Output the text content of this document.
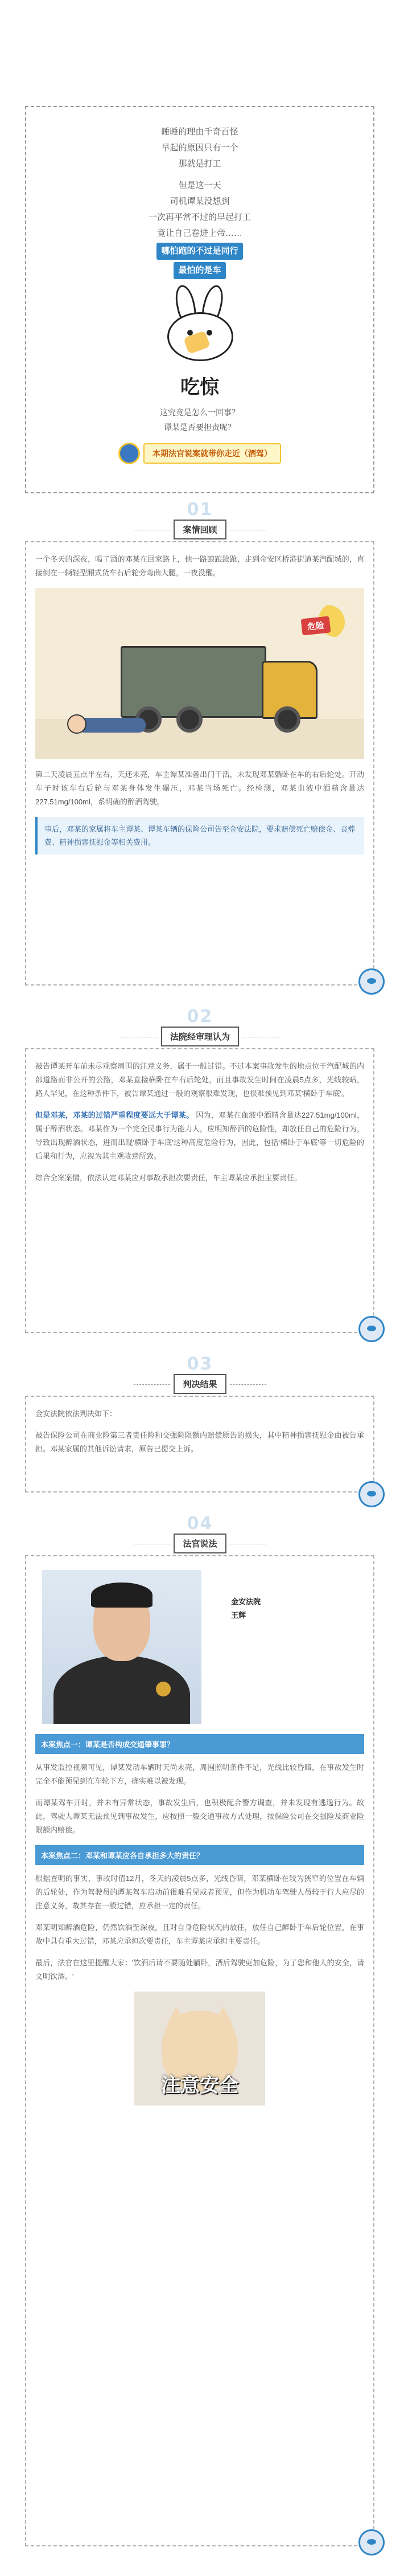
睡睡的理由千奇百怪
早起的原因只有一个
那就是打工
但是这一天
司机谭某没想到
一次再平常不过的早起打工
竟让自己卷进上帝……
哪怕跑的不过是同行
最怕的是车
吃惊
这究竟是怎么一回事？
谭某是否要担责呢？
本期法官说案就带你走近（酒驾）
01
案情回顾

一个冬天的深夜，喝了酒的邓某在回家路上，他一路踉踉跄跄，走到金安区桥港街道某汽配城的，直接倒在一辆轻型厢式货车右后轮旁弯曲大腿，一夜没醒。

危险

第二天凌晨五点半左右，天还未亮，车主谭某准备出门干活，未发现邓某躺卧在车的右后轮处。开动车子时该车右后轮与邓某身体发生碾压，邓某当场死亡。经检测，邓某血液中酒精含量达227.51mg/100ml，系明确的醉酒驾驶。

事后，邓某的家属将车主谭某、谭某车辆的保险公司告至金安法院，要求赔偿死亡赔偿金、丧葬费、精神损害抚慰金等相关费用。
02
法院经审理认为

被告谭某开车前未尽观察周围的注意义务，属于一般过错。不过本案事故发生的地点位于汽配城的内部道路而非公开的公路，邓某直接横卧在车右后轮处，而且事故发生时间在凌晨5点多，光线较暗，路人罕见，在这种条件下，被告谭某通过一般的观察很难发现，也很难预见到邓某'横卧于车底'。

但是邓某，邓某的过错严重程度要远大于谭某。 因为，邓某在血液中酒精含量达227.51mg/100ml，属于醉酒状态。邓某作为一个完全民事行为能力人，应明知醉酒的危险性，却放任自己的危险行为，导致出现醉酒状态，进而出现'横卧于车底'这种高度危险行为，因此，包括'横卧于车底'等一切危险的后果和行为，应视为其主观故意所致。

综合全案案情，依法认定邓某应对事故承担次要责任，车主谭某应承担主要责任。

03
判决结果

金安法院依法判决如下：

被告保险公司在商业险第三者责任险和交强险限额内赔偿原告的损失，其中精神损害抚慰金由被告承担。邓某家属的其他诉讼请求，原告已提交上诉。

04
法官说法
金安法院
王辉
本案焦点一：谭某是否构成交通肇事罪？

从事发监控视频可见，谭某发动车辆时天尚未亮，周围照明条件不足，光线比较昏暗，在事故发生时完全不能预见到在车轮下方，确实难以被发现。

而谭某驾车开时，并未有异常状态，事故发生后，也积极配合警方调查，并未发现有逃逸行为。故此，驾驶人谭某无法预见到事故发生，应按照一般交通事故方式处理，按保险公司在交强险及商业险限额内赔偿。

本案焦点二：邓某和谭某应各自承担多大的责任？

根据查明的事实，事故时值12月，冬天的凌晨5点多，光线昏暗，邓某横卧在较为狭窄的位置在车辆的后轮处，作为驾驶员的谭某驾车启动前很难看见或者预见，但作为机动车驾驶人员较于行人应尽的注意义务，故其存在一般过错，应承担一定的责任。

邓某明知醉酒危险，仍然饮酒至深夜，且对自身危险状况的放任，放任自己醉卧于车后轮位置，在事故中具有重大过错，邓某应承担次要责任，车主谭某应承担主要责任。

最后，法官在这里提醒大家：'饮酒后请不要随处躺卧，酒后驾驶更加危险，为了您和他人的安全，请文明饮酒。'

注意安全
